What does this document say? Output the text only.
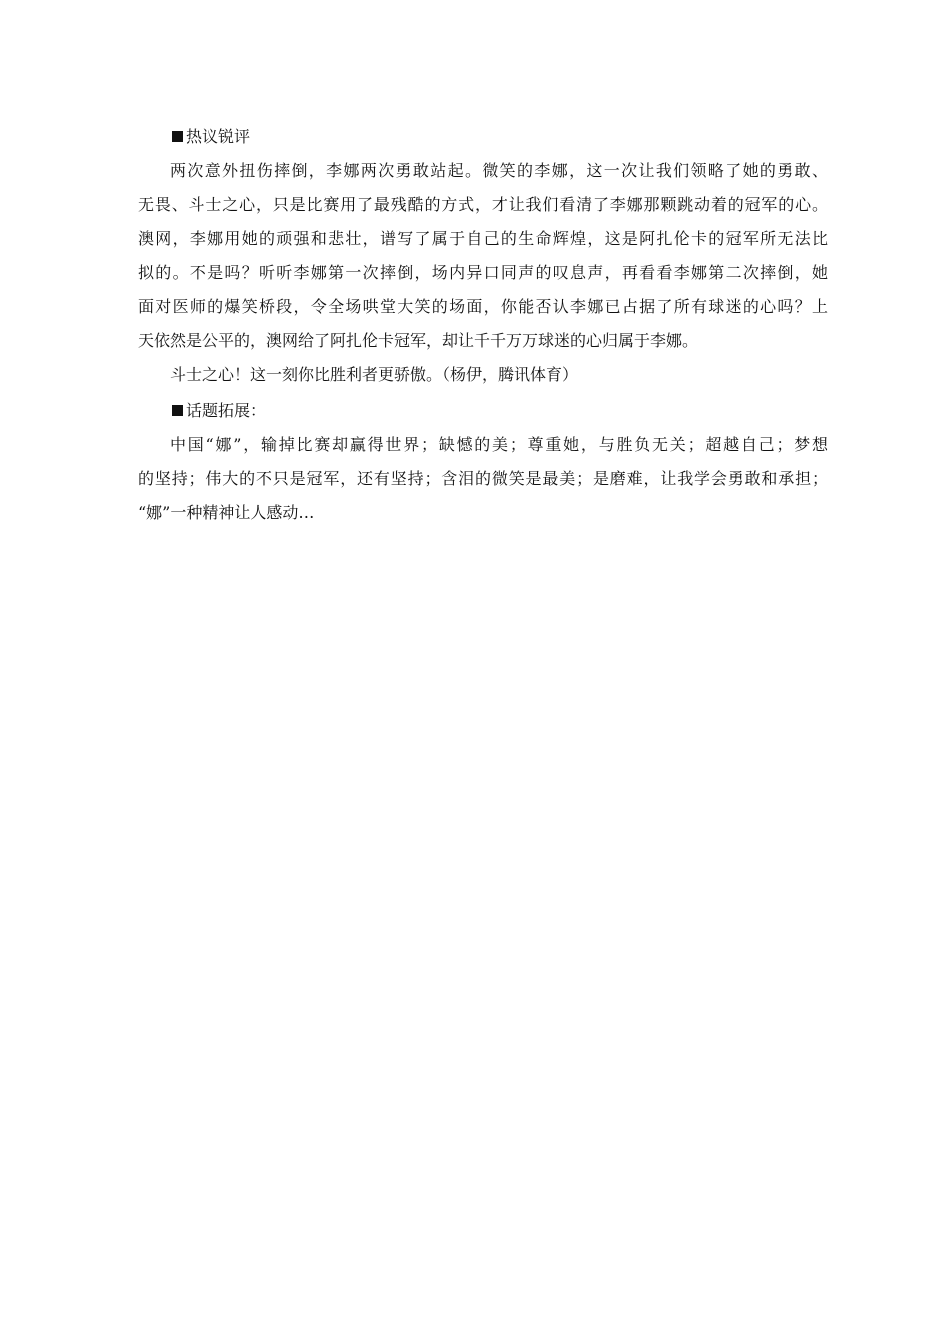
热议锐评
两次意外扭伤摔倒，李娜两次勇敢站起。微笑的李娜，这一次让我们领略了她的勇敢、
无畏、斗士之心，只是比赛用了最残酷的方式，才让我们看清了李娜那颗跳动着的冠军的心。
澳网，李娜用她的顽强和悲壮，谱写了属于自己的生命辉煌，这是阿扎伦卡的冠军所无法比
拟的。不是吗？听听李娜第一次摔倒，场内异口同声的叹息声，再看看李娜第二次摔倒，她
面对医师的爆笑桥段，令全场哄堂大笑的场面，你能否认李娜已占据了所有球迷的心吗？上
天依然是公平的，澳网给了阿扎伦卡冠军，却让千千万万球迷的心归属于李娜。
斗士之心！这一刻你比胜利者更骄傲。（杨伊，腾讯体育）
话题拓展：
中国“娜”，输掉比赛却赢得世界；缺憾的美；尊重她，与胜负无关；超越自己；梦想
的坚持；伟大的不只是冠军，还有坚持；含泪的微笑是最美；是磨难，让我学会勇敢和承担；
“娜”一种精神让人感动…
